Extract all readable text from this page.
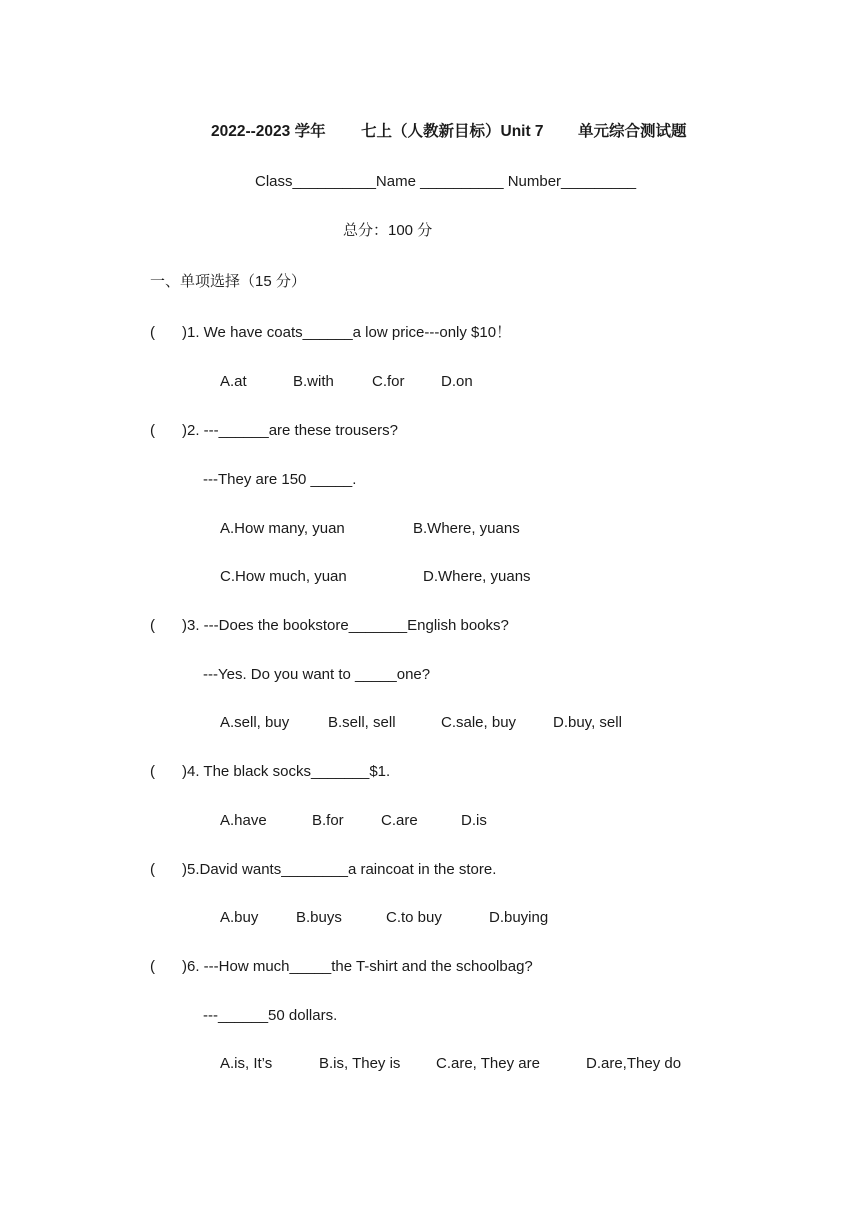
2022--2023 学年 七上（人教新目标）Unit 7 单元综合测试题
Class__________Name __________ Number_________
总分：100 分
一、单项选择（15 分）
( )1. We have coats______a low price---only $10！
A.at	B.with	C.for D.on
( )2. ---______are these trousers?
---They are 150 _____.
A.How many, yuan	B.Where, yuans
C.How much, yuan	D.Where, yuans
( )3. ---Does the bookstore_______English books?
---Yes. Do you want to _____one?
A.sell, buy	B.sell, sell	C.sale, buy D.buy, sell
( )4. The black socks_______$1.
A.have	B.for C.are	D.is
( )5.David wants________a raincoat in the store.
A.buy	B.buys	C.to buy	D.buying
( )6. ---How much_____the T-shirt and the schoolbag?
---______50 dollars.
A.is, It’s	B.is, They is C.are, They are	D.are,They do
